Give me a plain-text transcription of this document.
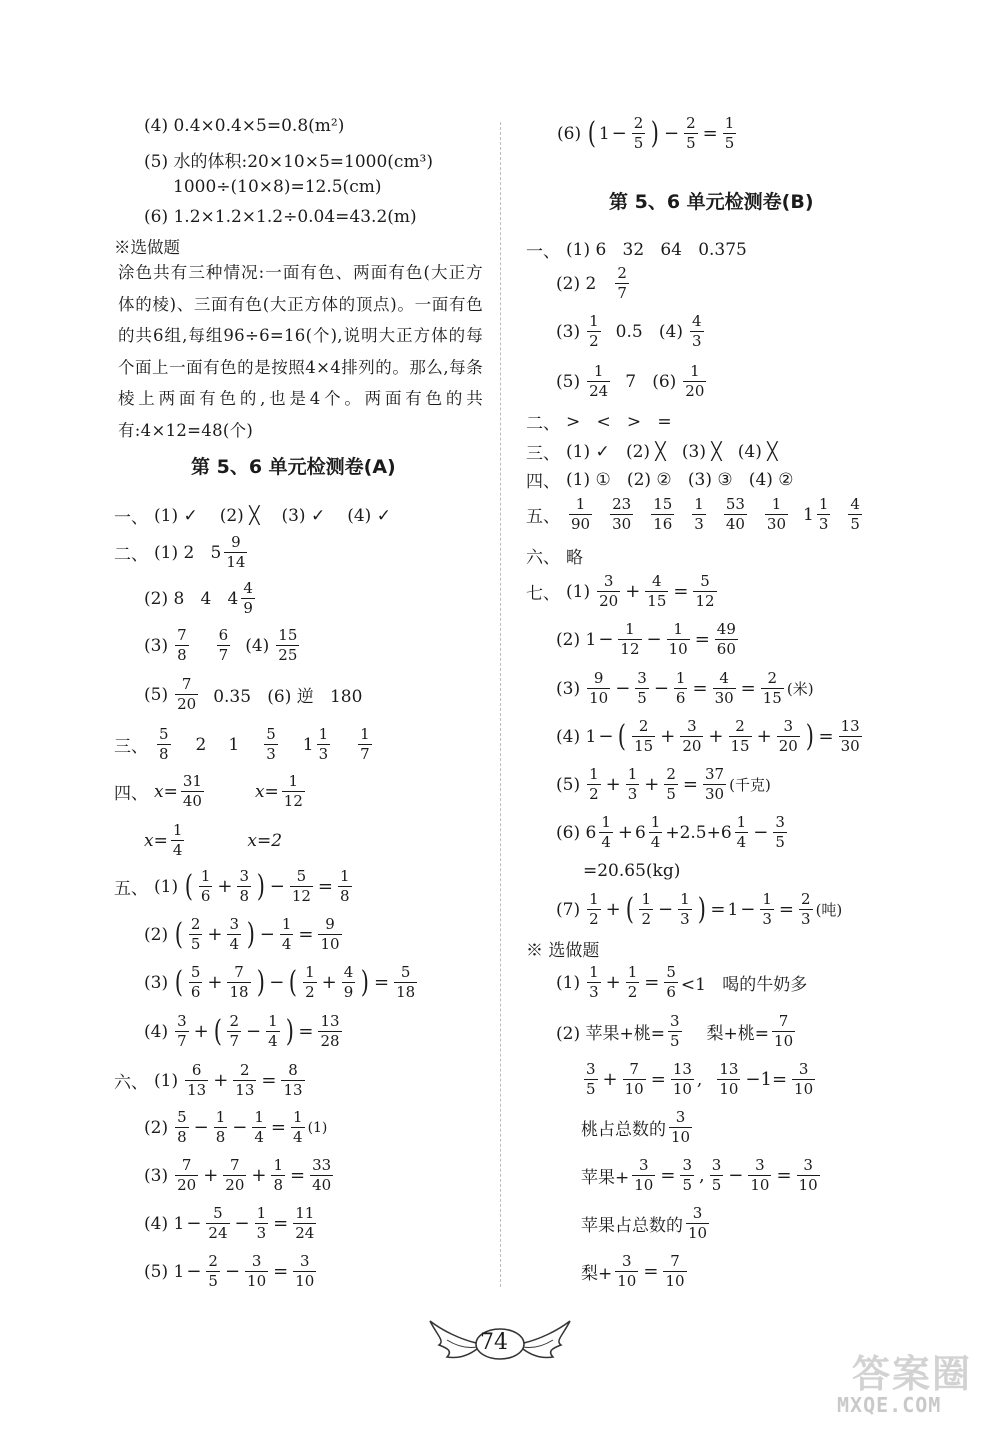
(4) 0.4×0.4×5=0.8(m²)
(5) 水的体积:20×10×5=1000(cm³)
1000÷(10×8)=12.5(cm)
(6) 1.2×1.2×1.2÷0.04=43.2(m)
※选做题
涂色共有三种情况:一面有色、两面有色(大正方体的棱)、三面有色(大正方体的顶点)。一面有色的共6组,每组96÷6=16(个),说明大正方体的每个面上一面有色的是按照4×4排列的。那么,每条棱上两面有色的,也是4个。两面有色的共有:4×12=48(个)
第 5、6 单元检测卷(A)
一、 (1) ✓ (2) ╳ (3) ✓ (4) ✓
二、 (1) 2   $5 \frac{9}{14}$
(2) 8   4   $4 \frac{4}{9}$
$(3) \frac{7}{8} \frac{6}{7} (4) \frac{15}{25}$
$(5) \frac{7}{20} 0.35$   (6) 逆   180
三、 $\frac{5}{8} 2$ $1 \frac{5}{3} 1 \frac{1}{3} \frac{1}{7}$
四、 $x= \frac{31}{40}$	$x= \frac{1}{12}$
$x= \frac{1}{4}$	x=2
五、 (1) ( $\frac{1}{6} + \frac{3}{8}$ ) − $\frac{5}{12} = \frac{1}{8}$
(2) ( $\frac{2}{5} + \frac{3}{4}$ ) − $\frac{1}{4} = \frac{9}{10}$
(3) ( $\frac{5}{6} + \frac{7}{18}$ ) − ( $\frac{1}{2} + \frac{4}{9}$ ) = $\frac{5}{18}$
$(4) \frac{3}{7}$ + ( $\frac{2}{7} - \frac{1}{4}$ ) = $\frac{13}{28}$
六、 $(1) \frac{6}{13} + \frac{2}{13} = \frac{8}{13}$
$(2) \frac{5}{8} - \frac{1}{8} - \frac{1}{4} = \frac{1}{4} (1)$
$(3) \frac{7}{20} + \frac{7}{20} + \frac{1}{8} = \frac{33}{40}$
(4) $1 - \frac{5}{24} - \frac{1}{3} = \frac{11}{24}$
(5) $1 - \frac{2}{5} - \frac{3}{10} = \frac{3}{10}$
(6) ( $1 - \frac{2}{5}$ ) − $\frac{2}{5} = \frac{1}{5}$
第 5、6 单元检测卷(B)
一、 (1) 6   32   64   0.375
(2) $2 \frac{2}{7}$
$(3) \frac{1}{2} 0.5$   $(4) \frac{4}{3}$
$(5) \frac{1}{24} 7$   $(6) \frac{1}{20}$
二、 >   <   >   =
三、 (1) ✓   (2) ╳   (3) ╳   (4) ╳
四、 (1) ①   (2) ②   (3) ③   (4) ②
五、 $\frac{1}{90} \frac{23}{30} \frac{15}{16} \frac{1}{3} \frac{53}{40} \frac{1}{30} 1 \frac{1}{3} \frac{4}{5}$
六、 略
七、 $(1) \frac{3}{20} + \frac{4}{15} = \frac{5}{12}$
(2) $1 - \frac{1}{12} - \frac{1}{10} = \frac{49}{60}$
$(3) \frac{9}{10} - \frac{3}{5} - \frac{1}{6} = \frac{4}{30} = \frac{2}{15}$ (米)
(4) 1 − ( $\frac{2}{15} + \frac{3}{20} + \frac{2}{15} + \frac{3}{20}$ ) = $\frac{13}{30}$
$(5) \frac{1}{2} + \frac{1}{3} + \frac{2}{5} = \frac{37}{30}$ (千克)
(6) $6 \frac{1}{4} + 6 \frac{1}{4} +2.5+6 \frac{1}{4} - \frac{3}{5}$
=20.65(kg)
$(7) \frac{1}{2}$ + ( $\frac{1}{2} - \frac{1}{3}$ ) = $1 - \frac{1}{3} = \frac{2}{3}$ (吨)
※ 选做题
$(1) \frac{1}{3} + \frac{1}{2} = \frac{5}{6} <1$   喝的牛奶多
(2) 苹果+桃= $\frac{3}{5}$ 梨+桃= $\frac{7}{10}$
$\frac{3}{5} + \frac{7}{10} = \frac{13}{10}$ , $\frac{13}{10} -1= \frac{3}{10}$
桃占总数的 $\frac{3}{10}$
苹果+ $\frac{3}{10} = \frac{3}{5}$ , $\frac{3}{5} - \frac{3}{10} = \frac{3}{10}$
苹果占总数的 $\frac{3}{10}$
梨+ $\frac{3}{10} = \frac{7}{10}$
74
答案圈
MXQE.COM
